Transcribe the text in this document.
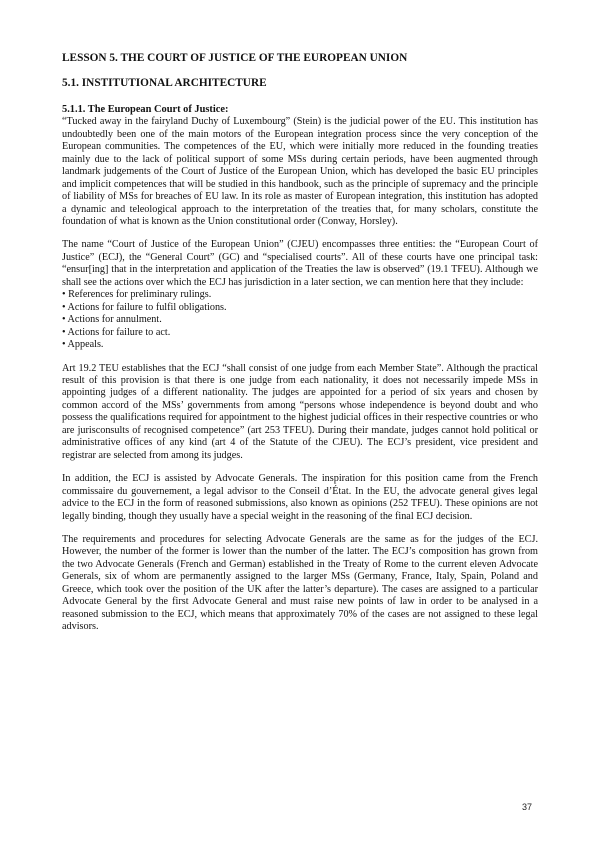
LESSON 5. THE COURT OF JUSTICE OF THE EUROPEAN UNION
5.1. INSTITUTIONAL ARCHITECTURE
5.1.1. The European Court of Justice:

“Tucked away in the fairyland Duchy of Luxembourg” (Stein) is the judicial power of the EU. This institution has undoubtedly been one of the main motors of the European integration process since the very conception of the European communities. The competences of the EU, which were initially more reduced in the founding treaties mainly due to the lack of political support of some MSs during certain periods, have been augmented through landmark judgements of the Court of Justice of the European Union, which has developed the basic EU principles and implicit competences that will be studied in this handbook, such as the principle of supremacy and the principle of liability of MSs for breaches of EU law. In its role as master of European integration, this institution has adopted a dynamic and teleological approach to the interpretation of the treaties that, for many scholars, constitute the foundation of what is known as the Union constitutional order (Conway, Horsley).

The name “Court of Justice of the European Union” (CJEU) encompasses three entities: the “European Court of Justice” (ECJ), the “General Court” (GC) and “specialised courts”. All of these courts have one principal task: “ensur[ing] that in the interpretation and application of the Treaties the law is observed” (19.1 TFEU). Although we shall see the actions over which the ECJ has jurisdiction in a later section, we can mention here that they include:

• References for preliminary rulings.
• Actions for failure to fulfil obligations.
• Actions for annulment.
• Actions for failure to act.
• Appeals.

Art 19.2 TEU establishes that the ECJ “shall consist of one judge from each Member State”. Although the practical result of this provision is that there is one judge from each nationality, it does not necessarily impede MSs in appointing judges of a different nationality. The judges are appointed for a period of six years and chosen by common accord of the MSs’ governments from among “persons whose independence is beyond doubt and who possess the qualifications required for appointment to the highest judicial offices in their respective countries or who are jurisconsults of recognised competence” (art 253 TFEU). During their mandate, judges cannot hold political or administrative offices of any kind (art 4 of the Statute of the CJEU). The ECJ’s president, vice president and registrar are selected from among its judges.

In addition, the ECJ is assisted by Advocate Generals. The inspiration for this position came from the French commissaire du gouvernement, a legal advisor to the Conseil d’État. In the EU, the advocate general gives legal advice to the ECJ in the form of reasoned submissions, also known as opinions (252 TFEU). These opinions are not legally binding, though they usually have a special weight in the reasoning of the final ECJ decision.

The requirements and procedures for selecting Advocate Generals are the same as for the judges of the ECJ. However, the number of the former is lower than the number of the latter. The ECJ’s composition has grown from the two Advocate Generals (French and German) established in the Treaty of Rome to the current eleven Advocate Generals, six of whom are permanently assigned to the larger MSs (Germany, France, Italy, Spain, Poland and Greece, which took over the position of the UK after the latter’s departure). The cases are assigned to a particular Advocate General by the first Advocate General and must raise new points of law in order to be analysed in a reasoned submission to the ECJ, which means that approximately 70% of the cases are not assigned to these legal advisors.

37
